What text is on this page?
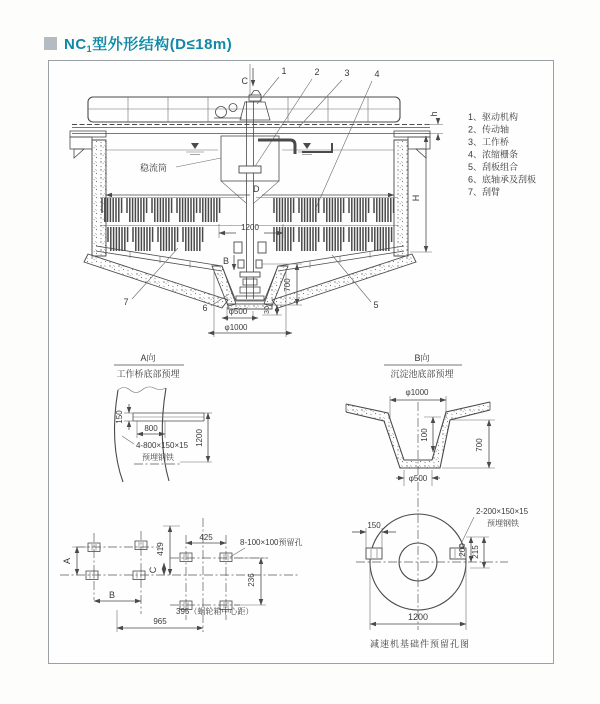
$NC_1$型外形结构(D≤18m)
C
1	2	3	4
h
H
稳流筒
D
1200
B
7
6	5
700
30
φ500
φ1000
1、驱动机构
2、传动轴
3、工作桥
4、浓缩栅条
5、刮板组合
6、底轴承及刮板
7、刮臂
A向
工作桥底部预埋
150
800
1200
4-800×150×15
预埋钢铁
B向
沉淀池底部预埋
φ1000
100
700
φ500
A
B
C
419
425
8-100×100预留孔
236
395（蜗轮箱中心距）
965
150
2-200×150×15
预埋钢铁
200 215
1200
减速机基础件预留孔图
